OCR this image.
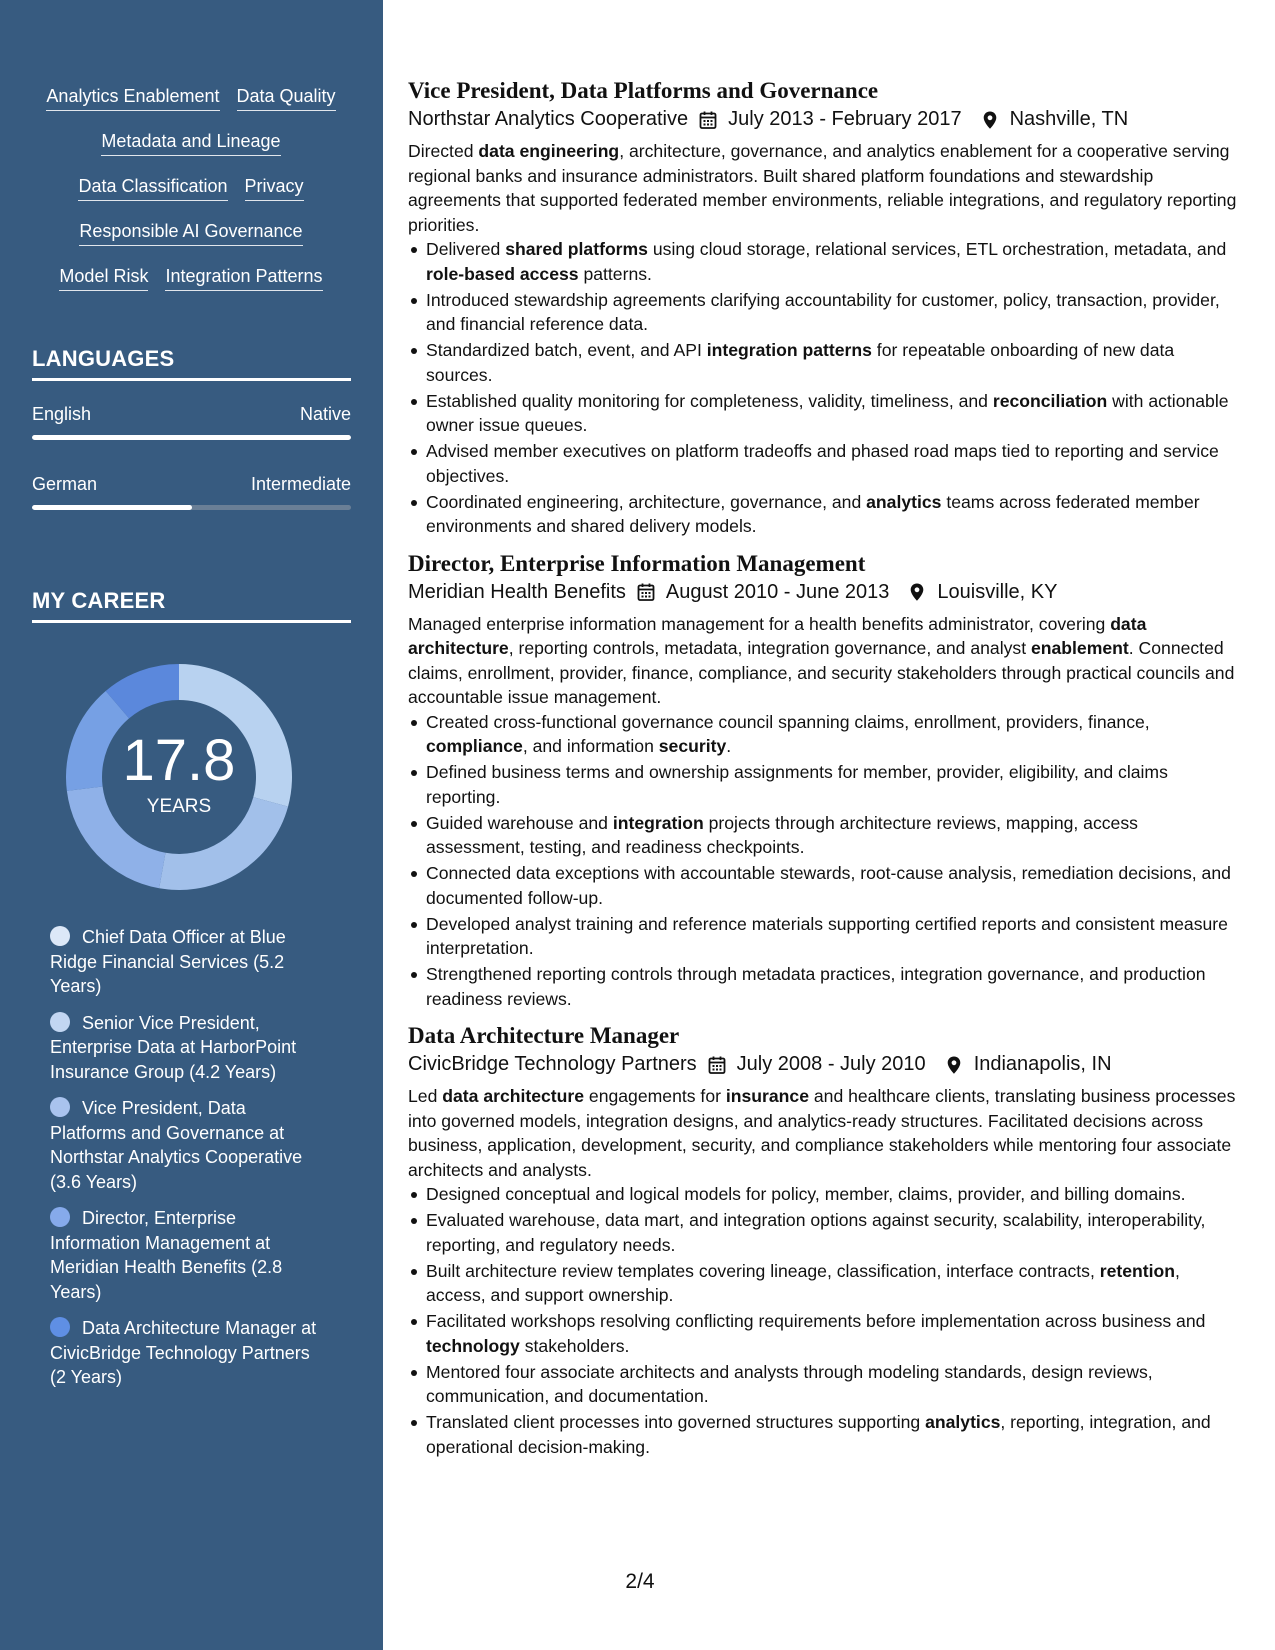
Analytics Enablement Data Quality
Metadata and Lineage
Data Classification Privacy
Responsible AI Governance
Model Risk Integration Patterns
LANGUAGES
English	Native
German	Intermediate
MY CAREER
17.8
YEARS
Chief Data Officer at Blue Ridge Financial Services (5.2 Years)
Senior Vice President, Enterprise Data at HarborPoint Insurance Group (4.2 Years)
Vice President, Data Platforms and Governance at Northstar Analytics Cooperative (3.6 Years)
Director, Enterprise Information Management at Meridian Health Benefits (2.8 Years)
Data Architecture Manager at CivicBridge Technology Partners (2 Years)
Vice President, Data Platforms and Governance
Northstar Analytics Cooperative July 2013 - February 2017 Nashville, TN

Directed data engineering, architecture, governance, and analytics enablement for a cooperative serving regional banks and insurance administrators. Built shared platform foundations and stewardship agreements that supported federated member environments, reliable integrations, and regulatory reporting priorities.

Delivered shared platforms using cloud storage, relational services, ETL orchestration, metadata, and role-based access patterns.
Introduced stewardship agreements clarifying accountability for customer, policy, transaction, provider, and financial reference data.
Standardized batch, event, and API integration patterns for repeatable onboarding of new data sources.
Established quality monitoring for completeness, validity, timeliness, and reconciliation with actionable owner issue queues.
Advised member executives on platform tradeoffs and phased road maps tied to reporting and service objectives.
Coordinated engineering, architecture, governance, and analytics teams across federated member environments and shared delivery models.
Director, Enterprise Information Management
Meridian Health Benefits August 2010 - June 2013 Louisville, KY

Managed enterprise information management for a health benefits administrator, covering data architecture, reporting controls, metadata, integration governance, and analyst enablement. Connected claims, enrollment, provider, finance, compliance, and security stakeholders through practical councils and accountable issue management.

Created cross-functional governance council spanning claims, enrollment, providers, finance, compliance, and information security.
Defined business terms and ownership assignments for member, provider, eligibility, and claims reporting.
Guided warehouse and integration projects through architecture reviews, mapping, access assessment, testing, and readiness checkpoints.
Connected data exceptions with accountable stewards, root-cause analysis, remediation decisions, and documented follow-up.
Developed analyst training and reference materials supporting certified reports and consistent measure interpretation.
Strengthened reporting controls through metadata practices, integration governance, and production readiness reviews.
Data Architecture Manager
CivicBridge Technology Partners July 2008 - July 2010 Indianapolis, IN

Led data architecture engagements for insurance and healthcare clients, translating business processes into governed models, integration designs, and analytics-ready structures. Facilitated decisions across business, application, development, security, and compliance stakeholders while mentoring four associate architects and analysts.

Designed conceptual and logical models for policy, member, claims, provider, and billing domains.
Evaluated warehouse, data mart, and integration options against security, scalability, interoperability, reporting, and regulatory needs.
Built architecture review templates covering lineage, classification, interface contracts, retention, access, and support ownership.
Facilitated workshops resolving conflicting requirements before implementation across business and technology stakeholders.
Mentored four associate architects and analysts through modeling standards, design reviews, communication, and documentation.
Translated client processes into governed structures supporting analytics, reporting, integration, and operational decision-making.
2/4
